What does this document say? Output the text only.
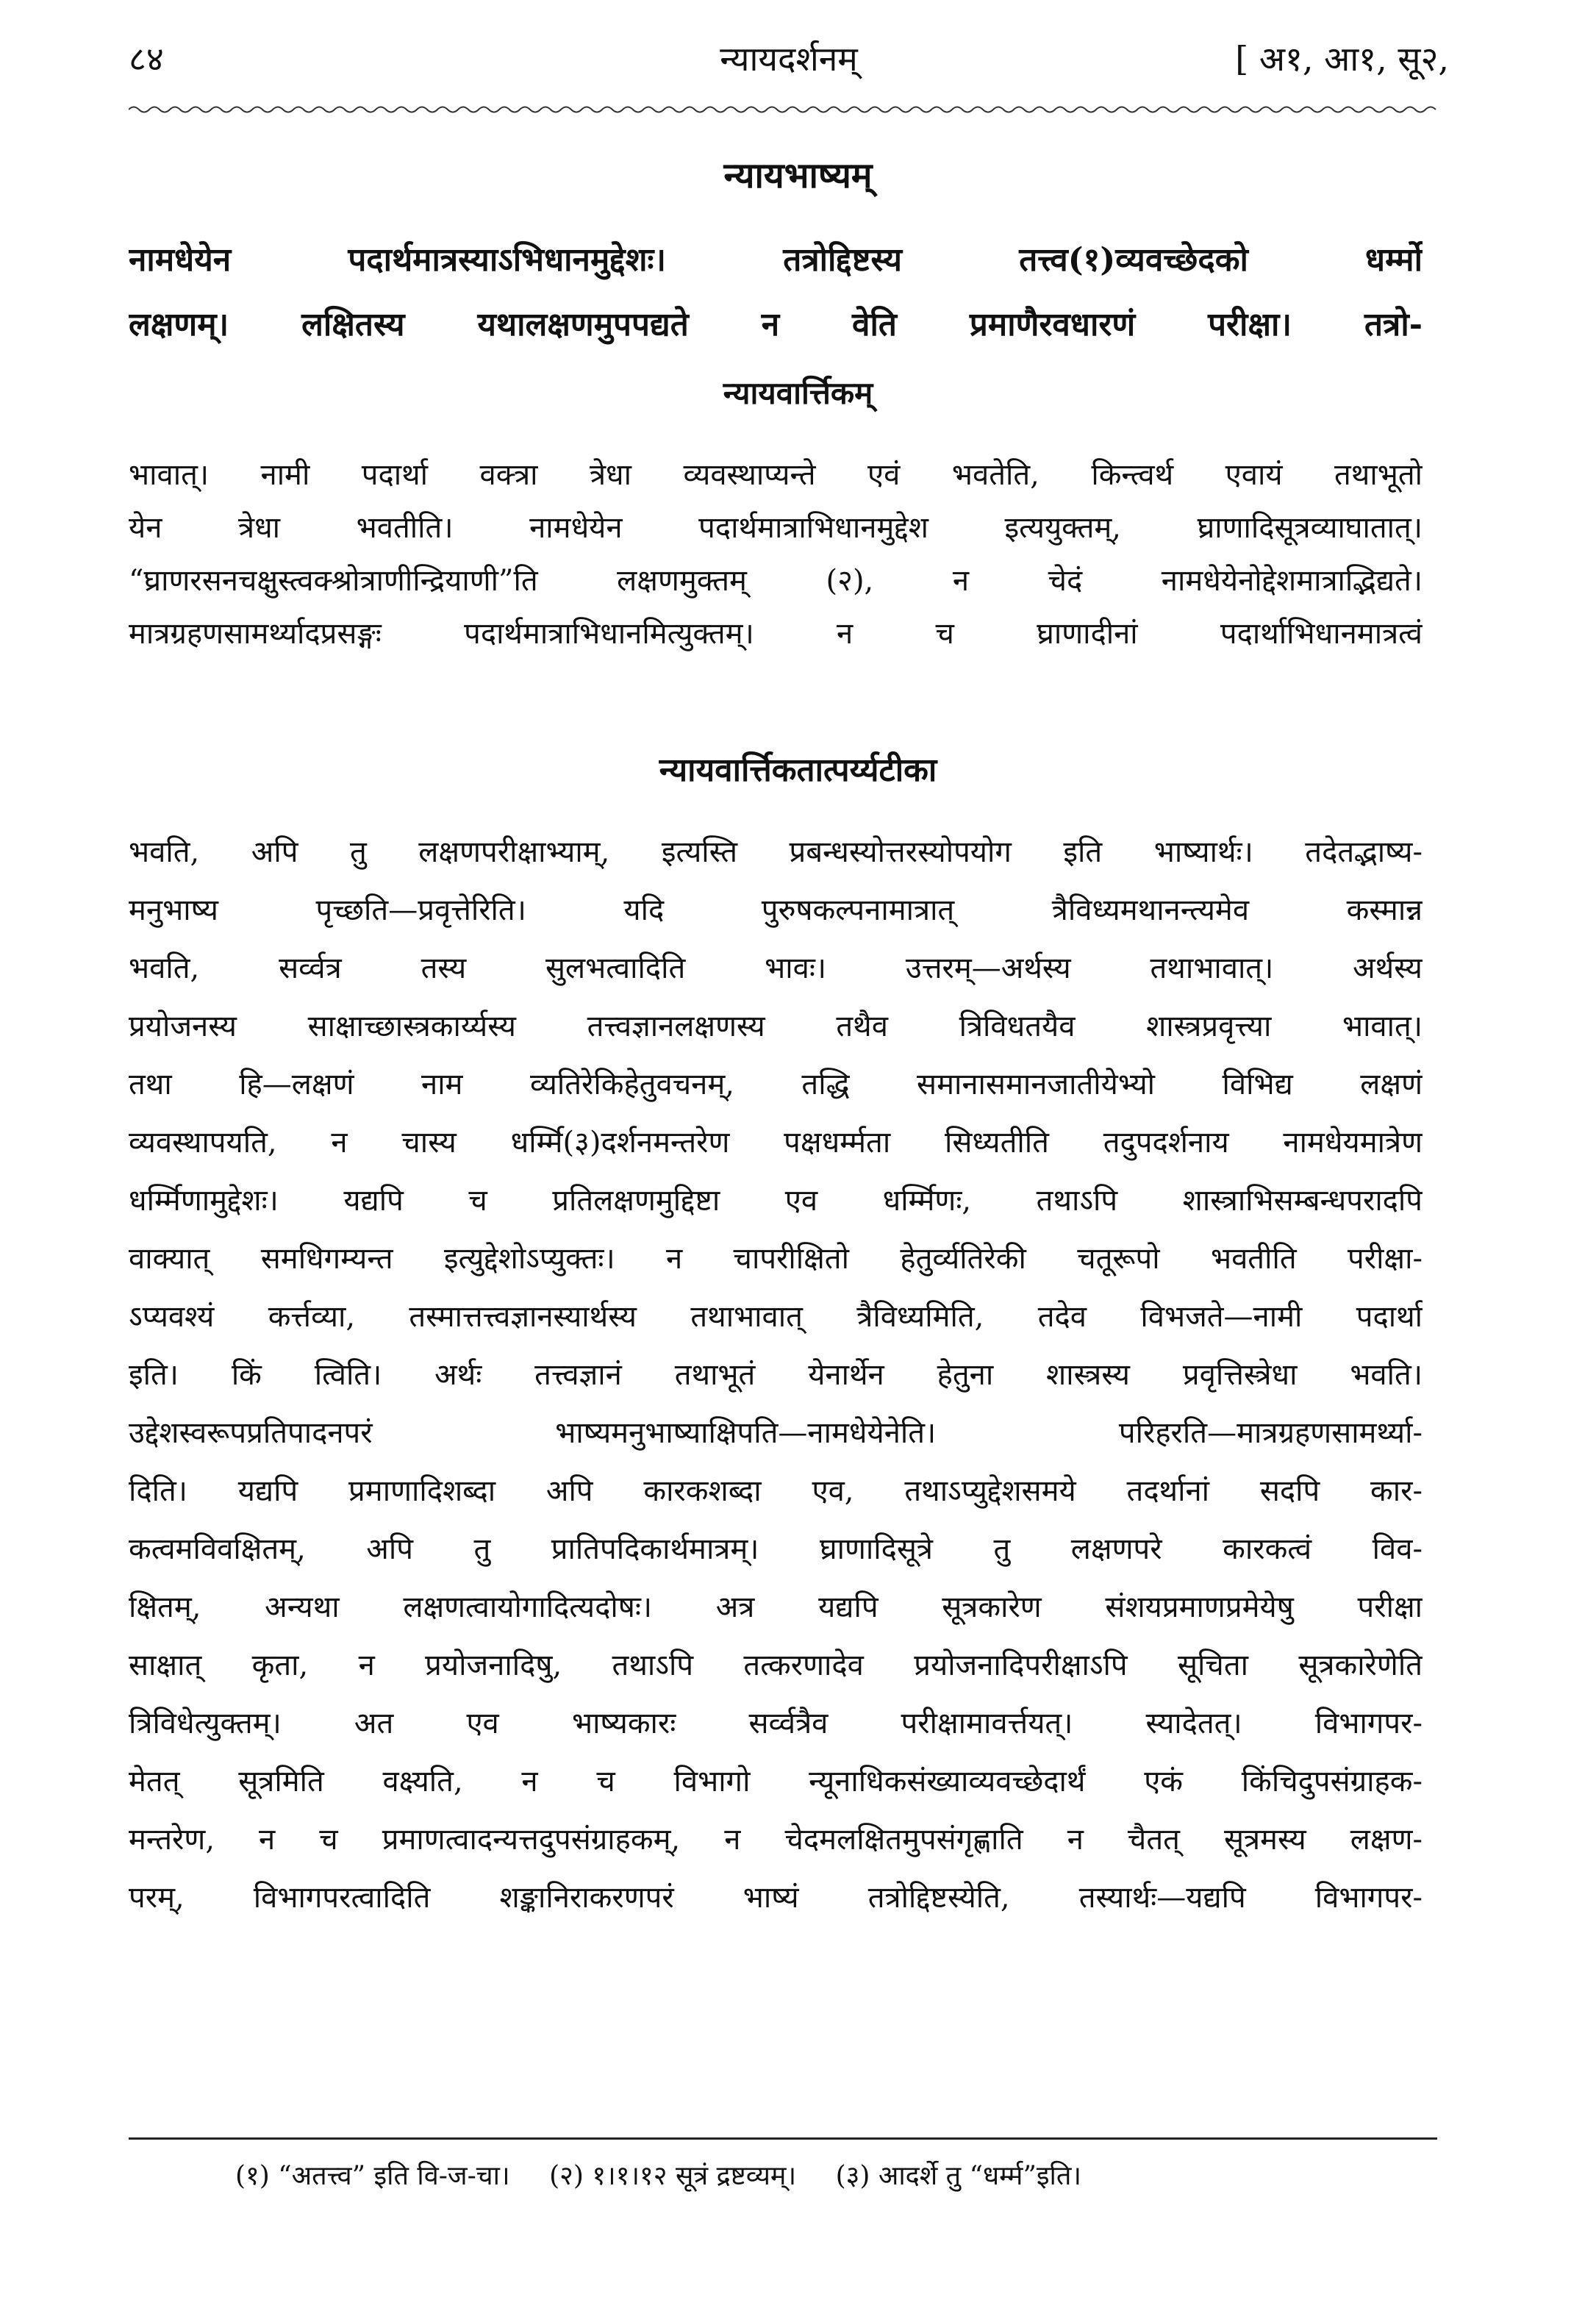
८४	न्यायदर्शनम्	[ अ१, आ१, सू२,
न्यायभाष्यम्
नामधेयेन पदार्थमात्रस्याऽभिधानमुद्देशः। तत्रोद्दिष्टस्य तत्त्व(१)व्यवच्छेदको धर्म्मो
लक्षणम्। लक्षितस्य यथालक्षणमुपपद्यते न वेति प्रमाणैरवधारणं परीक्षा। तत्रो-
न्यायवार्त्तिकम्
भावात्। नामी पदार्था वक्त्रा त्रेधा व्यवस्थाप्यन्ते एवं भवतेति, किन्त्वर्थ एवायं तथाभूतो
येन त्रेधा भवतीति। नामधेयेन पदार्थमात्राभिधानमुद्देश इत्ययुक्तम्, घ्राणादिसूत्रव्याघातात्।
“घ्राणरसनचक्षुस्त्वक्श्रोत्राणीन्द्रियाणी”ति लक्षणमुक्तम् (२), न चेदं नामधेयेनोद्देशमात्राद्भिद्यते।
मात्रग्रहणसामर्थ्यादप्रसङ्गः पदार्थमात्राभिधानमित्युक्तम्। न च घ्राणादीनां पदार्थाभिधानमात्रत्वं
न्यायवार्त्तिकतात्पर्य्यटीका
भवति, अपि तु लक्षणपरीक्षाभ्याम्, इत्यस्ति प्रबन्धस्योत्तरस्योपयोग इति भाष्यार्थः। तदेतद्भाष्य-
मनुभाष्य पृच्छति—प्रवृत्तेरिति। यदि पुरुषकल्पनामात्रात् त्रैविध्यमथानन्त्यमेव कस्मान्न
भवति, सर्व्वत्र तस्य सुलभत्वादिति भावः। उत्तरम्—अर्थस्य तथाभावात्। अर्थस्य
प्रयोजनस्य साक्षाच्छास्त्रकार्य्यस्य तत्त्वज्ञानलक्षणस्य तथैव त्रिविधतयैव शास्त्रप्रवृत्त्या भावात्।
तथा हि—लक्षणं नाम व्यतिरेकिहेतुवचनम्, तद्धि समानासमानजातीयेभ्यो विभिद्य लक्षणं
व्यवस्थापयति, न चास्य धर्म्मि(३)दर्शनमन्तरेण पक्षधर्म्मता सिध्यतीति तदुपदर्शनाय नामधेयमात्रेण
धर्म्मिणामुद्देशः। यद्यपि च प्रतिलक्षणमुद्दिष्टा एव धर्म्मिणः, तथाऽपि शास्त्राभिसम्बन्धपरादपि
वाक्यात् समधिगम्यन्त इत्युद्देशोऽप्युक्तः। न चापरीक्षितो हेतुर्व्यतिरेकी चतूरूपो भवतीति परीक्षा-
ऽप्यवश्यं कर्त्तव्या, तस्मात्तत्त्वज्ञानस्यार्थस्य तथाभावात् त्रैविध्यमिति, तदेव विभजते—नामी पदार्था
इति। किं त्विति। अर्थः तत्त्वज्ञानं तथाभूतं येनार्थेन हेतुना शास्त्रस्य प्रवृत्तिस्त्रेधा भवति।
उद्देशस्वरूपप्रतिपादनपरं भाष्यमनुभाष्याक्षिपति—नामधेयेनेति। परिहरति—मात्रग्रहणसामर्थ्या-
दिति। यद्यपि प्रमाणादिशब्दा अपि कारकशब्दा एव, तथाऽप्युद्देशसमये तदर्थानां सदपि कार-
कत्वमविवक्षितम्, अपि तु प्रातिपदिकार्थमात्रम्। घ्राणादिसूत्रे तु लक्षणपरे कारकत्वं विव-
क्षितम्, अन्यथा लक्षणत्वायोगादित्यदोषः। अत्र यद्यपि सूत्रकारेण संशयप्रमाणप्रमेयेषु परीक्षा
साक्षात् कृता, न प्रयोजनादिषु, तथाऽपि तत्करणादेव प्रयोजनादिपरीक्षाऽपि सूचिता सूत्रकारेणेति
त्रिविधेत्युक्तम्। अत एव भाष्यकारः सर्व्वत्रैव परीक्षामावर्त्तयत्। स्यादेतत्। विभागपर-
मेतत् सूत्रमिति वक्ष्यति, न च विभागो न्यूनाधिकसंख्याव्यवच्छेदार्थं एकं किंचिदुपसंग्राहक-
मन्तरेण, न च प्रमाणत्वादन्यत्तदुपसंग्राहकम्, न चेदमलक्षितमुपसंगृह्णाति न चैतत् सूत्रमस्य लक्षण-
परम्, विभागपरत्वादिति शङ्कानिराकरणपरं भाष्यं तत्रोद्दिष्टस्येति, तस्यार्थः—यद्यपि विभागपर-
(१) “अतत्त्व” इति वि-ज-चा। (२) १।१।१२ सूत्रं द्रष्टव्यम्। (३) आदर्शे तु “धर्म्म”इति।
